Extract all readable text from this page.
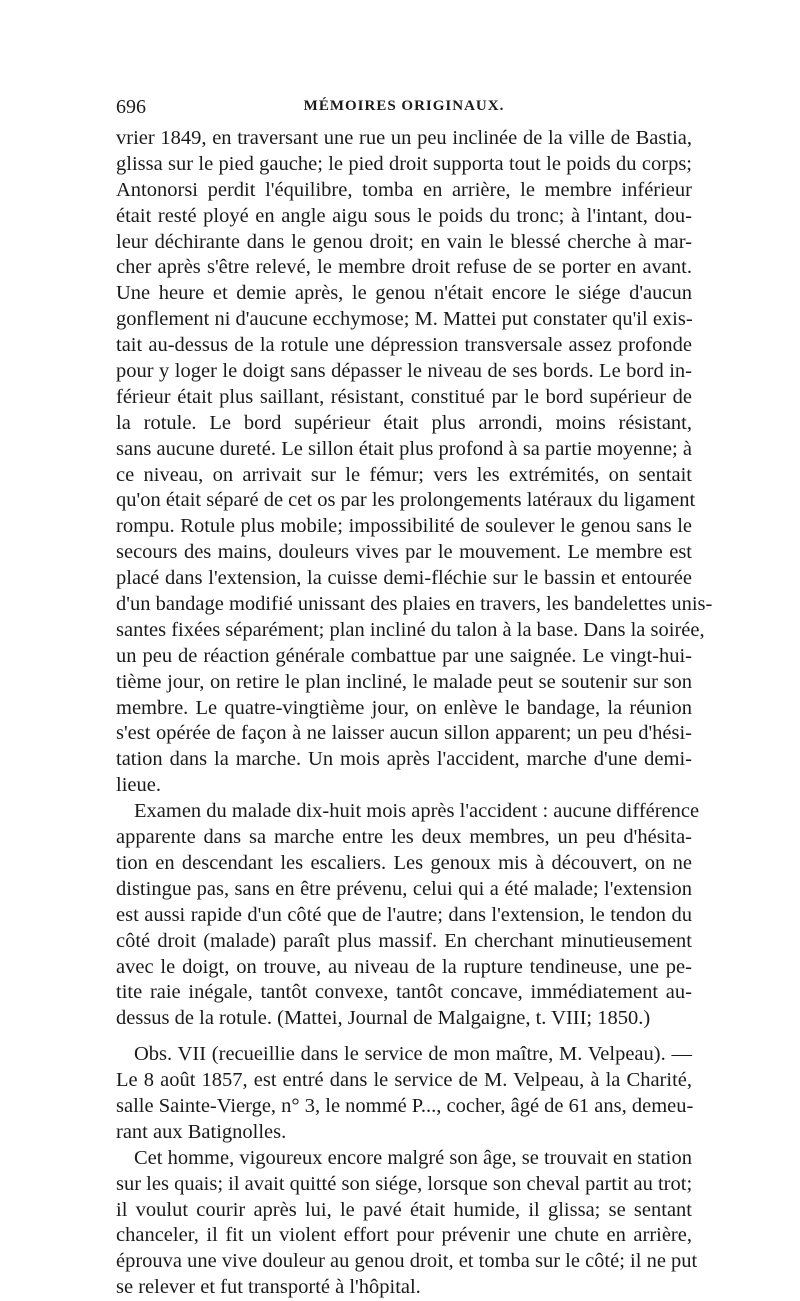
696	MÉMOIRES ORIGINAUX.
vrier 1849, en traversant une rue un peu inclinée de la ville de Bastia,
glissa sur le pied gauche; le pied droit supporta tout le poids du corps;
Antonorsi perdit l'équilibre, tomba en arrière, le membre inférieur
était resté ployé en angle aigu sous le poids du tronc; à l'intant, dou-
leur déchirante dans le genou droit; en vain le blessé cherche à mar-
cher après s'être relevé, le membre droit refuse de se porter en avant.
Une heure et demie après, le genou n'était encore le siége d'aucun
gonflement ni d'aucune ecchymose; M. Mattei put constater qu'il exis-
tait au-dessus de la rotule une dépression transversale assez profonde
pour y loger le doigt sans dépasser le niveau de ses bords. Le bord in-
férieur était plus saillant, résistant, constitué par le bord supérieur de
la rotule. Le bord supérieur était plus arrondi, moins résistant,
sans aucune dureté. Le sillon était plus profond à sa partie moyenne; à
ce niveau, on arrivait sur le fémur; vers les extrémités, on sentait
qu'on était séparé de cet os par les prolongements latéraux du ligament
rompu. Rotule plus mobile; impossibilité de soulever le genou sans le
secours des mains, douleurs vives par le mouvement. Le membre est
placé dans l'extension, la cuisse demi-fléchie sur le bassin et entourée
d'un bandage modifié unissant des plaies en travers, les bandelettes unis-
santes fixées séparément; plan incliné du talon à la base. Dans la soirée,
un peu de réaction générale combattue par une saignée. Le vingt-hui-
tième jour, on retire le plan incliné, le malade peut se soutenir sur son
membre. Le quatre-vingtième jour, on enlève le bandage, la réunion
s'est opérée de façon à ne laisser aucun sillon apparent; un peu d'hési-
tation dans la marche. Un mois après l'accident, marche d'une demi-
lieue.
Examen du malade dix-huit mois après l'accident : aucune différence
apparente dans sa marche entre les deux membres, un peu d'hésita-
tion en descendant les escaliers. Les genoux mis à découvert, on ne
distingue pas, sans en être prévenu, celui qui a été malade; l'extension
est aussi rapide d'un côté que de l'autre; dans l'extension, le tendon du
côté droit (malade) paraît plus massif. En cherchant minutieusement
avec le doigt, on trouve, au niveau de la rupture tendineuse, une pe-
tite raie inégale, tantôt convexe, tantôt concave, immédiatement au-
dessus de la rotule. (Mattei, Journal de Malgaigne, t. VIII; 1850.)
Obs. VII (recueillie dans le service de mon maître, M. Velpeau). —
Le 8 août 1857, est entré dans le service de M. Velpeau, à la Charité,
salle Sainte-Vierge, n° 3, le nommé P..., cocher, âgé de 61 ans, demeu-
rant aux Batignolles.
Cet homme, vigoureux encore malgré son âge, se trouvait en station
sur les quais; il avait quitté son siége, lorsque son cheval partit au trot;
il voulut courir après lui, le pavé était humide, il glissa; se sentant
chanceler, il fit un violent effort pour prévenir une chute en arrière,
éprouva une vive douleur au genou droit, et tomba sur le côté; il ne put
se relever et fut transporté à l'hôpital.
